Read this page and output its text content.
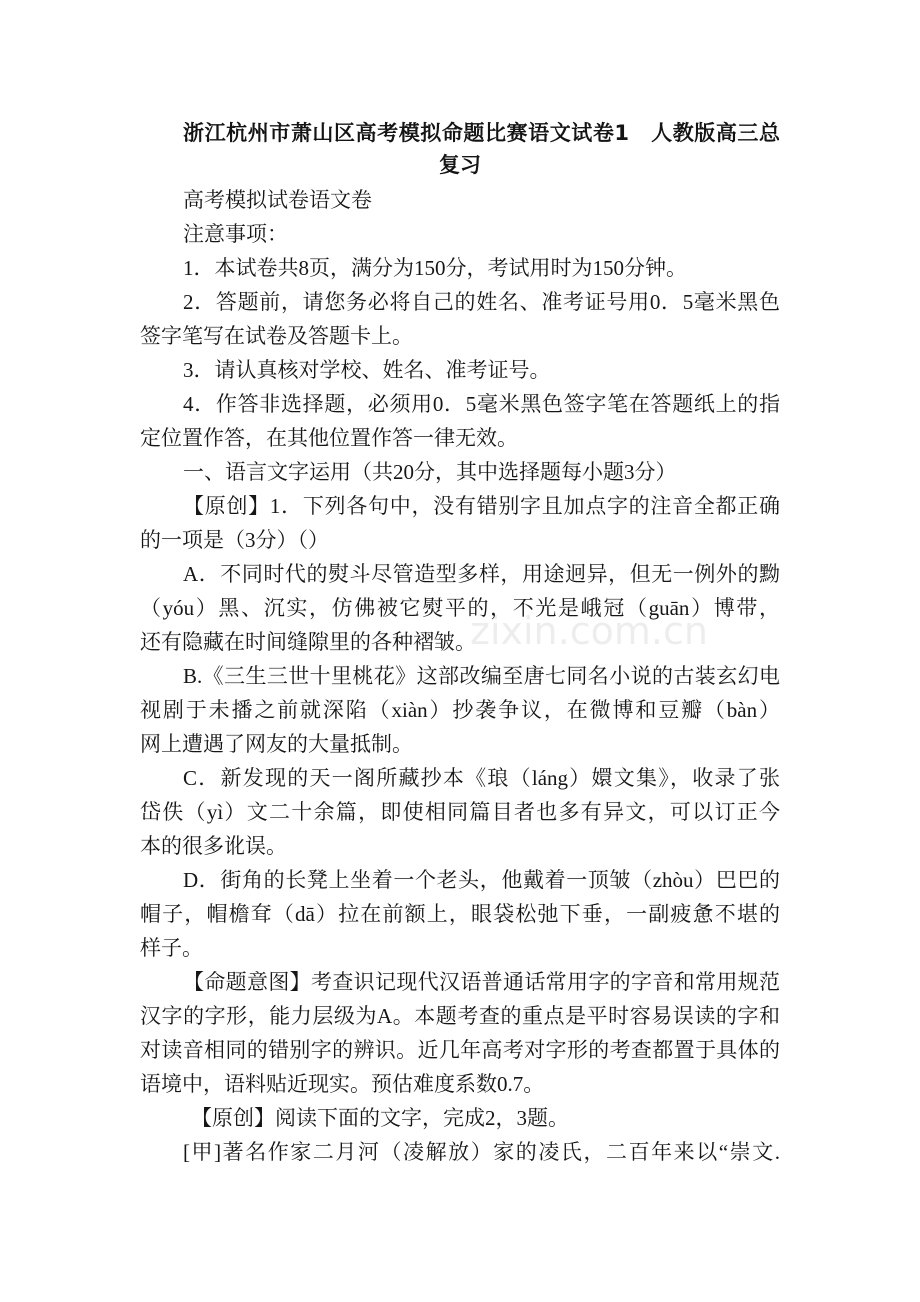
浙江杭州市萧山区高考模拟命题比赛语文试卷1　人教版高三总
复习
高考模拟试卷语文卷
注意事项：
1．本试卷共8页，满分为150分，考试用时为150分钟。
2．答题前，请您务必将自己的姓名、准考证号用0．5毫米黑色
签字笔写在试卷及答题卡上。
3．请认真核对学校、姓名、准考证号。
4．作答非选择题，必须用0．5毫米黑色签字笔在答题纸上的指
定位置作答，在其他位置作答一律无效。
一、语言文字运用（共20分，其中选择题每小题3分）
【原创】1．下列各句中，没有错别字且加点字的注音全都正确
的一项是（3分）（）
A．不同时代的熨斗尽管造型多样，用途迥异，但无一例外的黝
（yóu）黑、沉实，仿佛被它熨平的，不光是峨冠（guān）博带，
还有隐藏在时间缝隙里的各种褶皱。
B.《三生三世十里桃花》这部改编至唐七同名小说的古装玄幻电
视剧于未播之前就深陷（xiàn）抄袭争议，在微博和豆瓣（bàn）
网上遭遇了网友的大量抵制。
C．新发现的天一阁所藏抄本《琅（láng）嬛文集》，收录了张
岱佚（yì）文二十余篇，即使相同篇目者也多有异文，可以订正今
本的很多讹误。
D．街角的长凳上坐着一个老头，他戴着一顶皱（zhòu）巴巴的
帽子，帽檐耷（dā）拉在前额上，眼袋松弛下垂，一副疲惫不堪的
样子。
【命题意图】考查识记现代汉语普通话常用字的字音和常用规范
汉字的字形，能力层级为A。本题考查的重点是平时容易误读的字和
对读音相同的错别字的辨识。近几年高考对字形的考查都置于具体的
语境中，语料贴近现实。预估难度系数0.7。
【原创】阅读下面的文字，完成2，3题。
[甲]著名作家二月河（凌解放）家的凌氏，二百年来以“崇文.
zixin.com.cn
